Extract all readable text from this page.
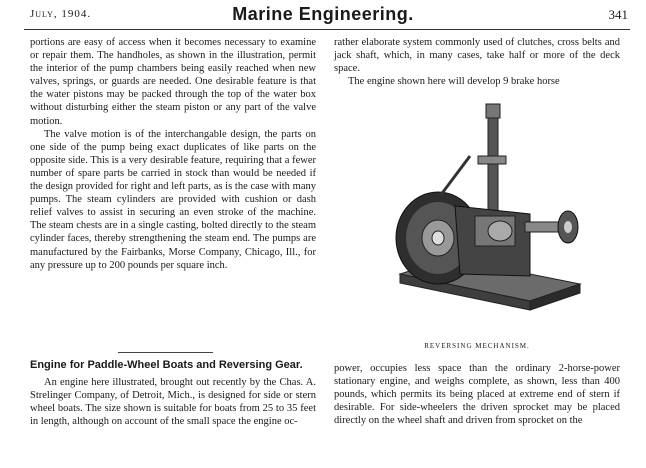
July, 1904.	Marine Engineering.	341

portions are easy of access when it becomes necessary to examine or repair them. The handholes, as shown in the illustration, permit the interior of the pump chambers being easily reached when new valves, springs, or guards are needed. One desirable feature is that the water pistons may be packed through the top of the water box without disturbing either the steam piston or any part of the valve motion.

The valve motion is of the interchangable design, the parts on one side of the pump being exact duplicates of like parts on the opposite side. This is a very desirable feature, requiring that a fewer number of spare parts be carried in stock than would be needed if the design provided for right and left parts, as is the case with many pumps. The steam cylinders are provided with cushion or dash relief valves to assist in securing an even stroke of the machine. The steam chests are in a single casting, bolted directly to the steam cylinder faces, thereby strengthening the steam end. The pumps are manufactured by the Fairbanks, Morse Company, Chicago, Ill., for any pressure up to 200 pounds per square inch.

Engine for Paddle-Wheel Boats and Reversing Gear.

An engine here illustrated, brought out recently by the Chas. A. Strelinger Company, of Detroit, Mich., is designed for side or stern wheel boats. The size shown is suitable for boats from 25 to 35 feet in length, although on account of the small space the engine oc-

rather elaborate system commonly used of clutches, cross belts and jack shaft, which, in many cases, take half or more of the deck space.

The engine shown here will develop 9 brake horse

REVERSING MECHANISM.

power, occupies less space than the ordinary 2-horse-power stationary engine, and weighs complete, as shown, less than 400 pounds, which permits its being placed at extreme end of stern if desirable. For side-wheelers the driven sprocket may be placed directly on the wheel shaft and driven from sprocket on the
